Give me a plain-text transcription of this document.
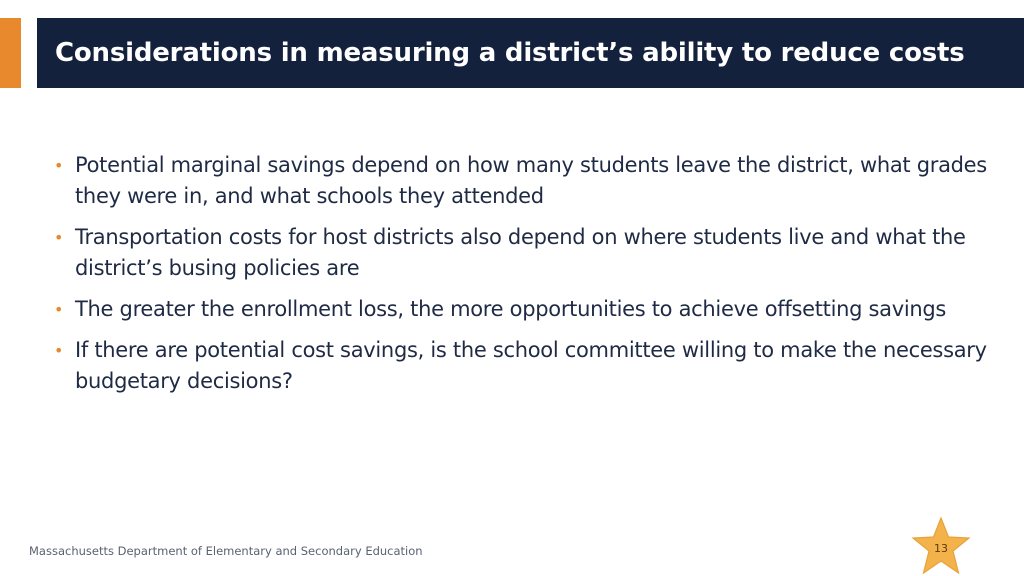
Considerations in measuring a district’s ability to reduce costs
• Potential marginal savings depend on how many students leave the district, what grades they were in, and what schools they attended
• Transportation costs for host districts also depend on where students live and what the district’s busing policies are
• The greater the enrollment loss, the more opportunities to achieve offsetting savings
• If there are potential cost savings, is the school committee willing to make the necessary budgetary decisions?
Massachusetts Department of Elementary and Secondary Education	13
